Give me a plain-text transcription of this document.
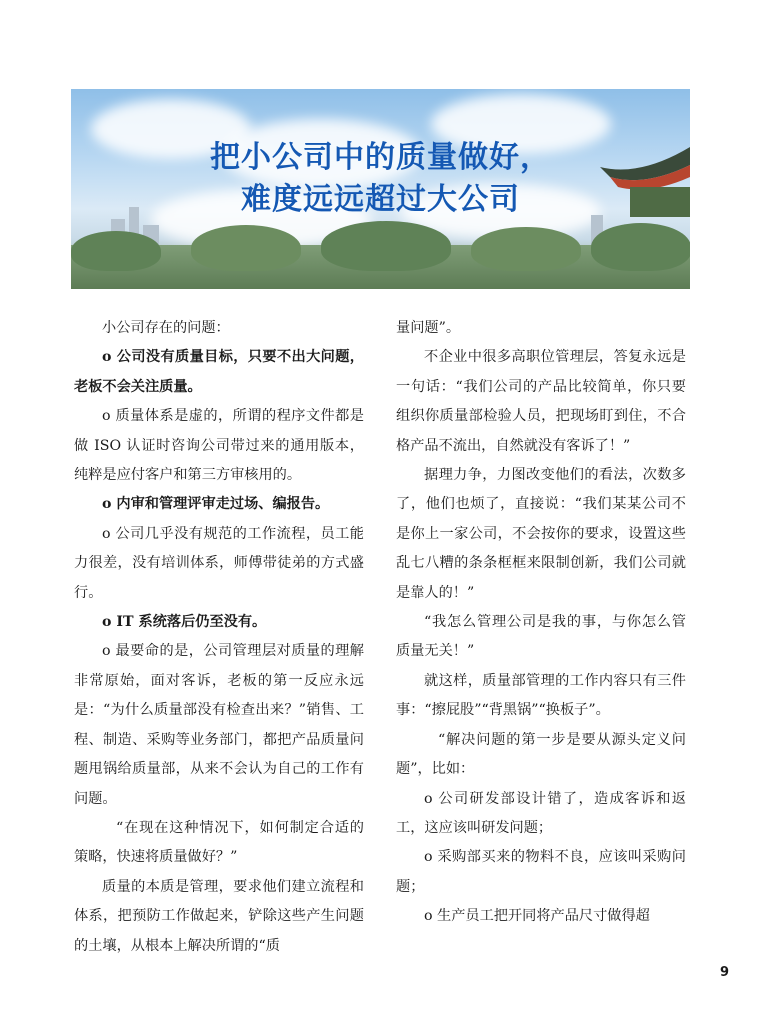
把小公司中的质量做好，
难度远远超过大公司

小公司存在的问题：

o 公司没有质量目标，只要不出大问题，老板不会关注质量。

o 质量体系是虚的，所谓的程序文件都是做 ISO 认证时咨询公司带过来的通用版本，纯粹是应付客户和第三方审核用的。

o 内审和管理评审走过场、编报告。

o 公司几乎没有规范的工作流程，员工能力很差，没有培训体系，师傅带徒弟的方式盛行。

o IT 系统落后仍至没有。

o 最要命的是，公司管理层对质量的理解非常原始，面对客诉，老板的第一反应永远是：“为什么质量部没有检查出来？”销售、工程、制造、采购等业务部门，都把产品质量问题甩锅给质量部，从来不会认为自己的工作有问题。

“在现在这种情况下，如何制定合适的策略，快速将质量做好？”

质量的本质是管理，要求他们建立流程和体系，把预防工作做起来，铲除这些产生问题的土壤，从根本上解决所谓的“质

量问题”。

不企业中很多高职位管理层，答复永远是一句话：“我们公司的产品比较简单，你只要组织你质量部检验人员，把现场盯到住，不合格产品不流出，自然就没有客诉了！”

据理力争，力图改变他们的看法，次数多了，他们也烦了，直接说：“我们某某公司不是你上一家公司，不会按你的要求，设置这些乱七八糟的条条框框来限制创新，我们公司就是靠人的！”

“我怎么管理公司是我的事，与你怎么管质量无关！”

就这样，质量部管理的工作内容只有三件事：“擦屁股”“背黑锅”“换板子”。

“解决问题的第一步是要从源头定义问题”，比如：

o 公司研发部设计错了，造成客诉和返工，这应该叫研发问题；

o 采购部买来的物料不良，应该叫采购问题；

o 生产员工把开同将产品尺寸做得超

9
